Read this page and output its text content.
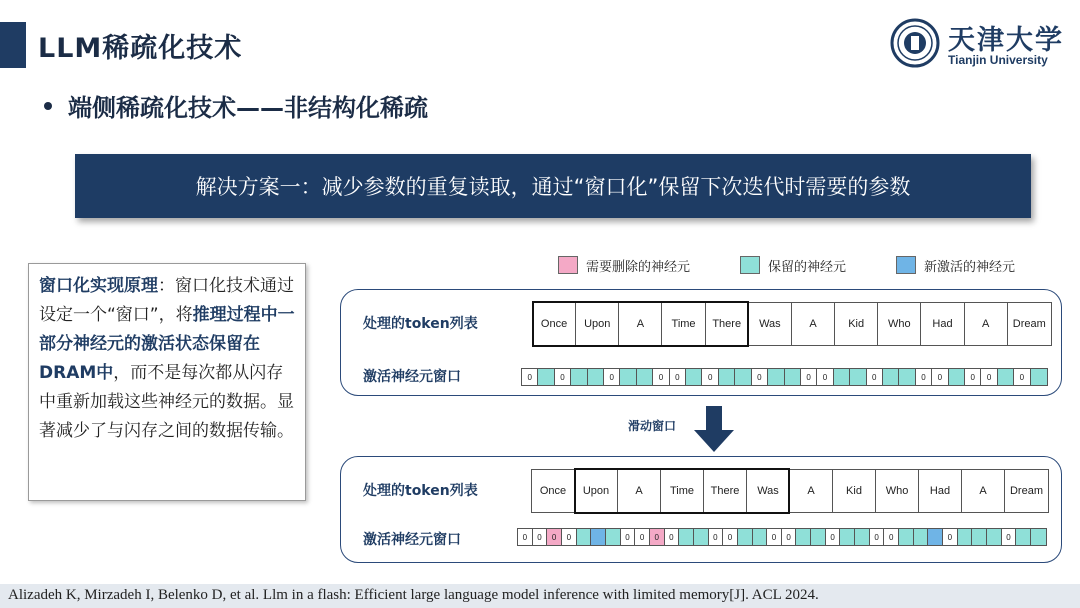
LLM稀疏化技术	天津大学
Tianjin University
端侧稀疏化技术——非结构化稀疏
解决方案一：减少参数的重复读取，通过“窗口化”保留下次迭代时需要的参数
窗口化实现原理：窗口化技术通过设定一个“窗口”，将推理过程中一部分神经元的激活状态保留在DRAM中，而不是每次都从闪存中重新加载这些神经元的数据。显著减少了与闪存之间的数据传输。
需要删除的神经元	保留的神经元	新激活的神经元
处理的token列表
激活神经元窗口
Once	Upon	A	Time	There	Was	A	Kid	Who	Had	A	Dream
0	0	0	0	0	0	0	0	0	0	0	0	0	0	0
滑动窗口
处理的token列表
激活神经元窗口
Once	Upon	A	Time	There	Was	A	Kid	Who	Had	A	Dream
0	0	0	0	0	0	0	0	0	0	0	0	0	0	0	0	0
Alizadeh K, Mirzadeh I, Belenko D, et al. Llm in a flash: Efficient large language model inference with limited memory[J]. ACL 2024.
